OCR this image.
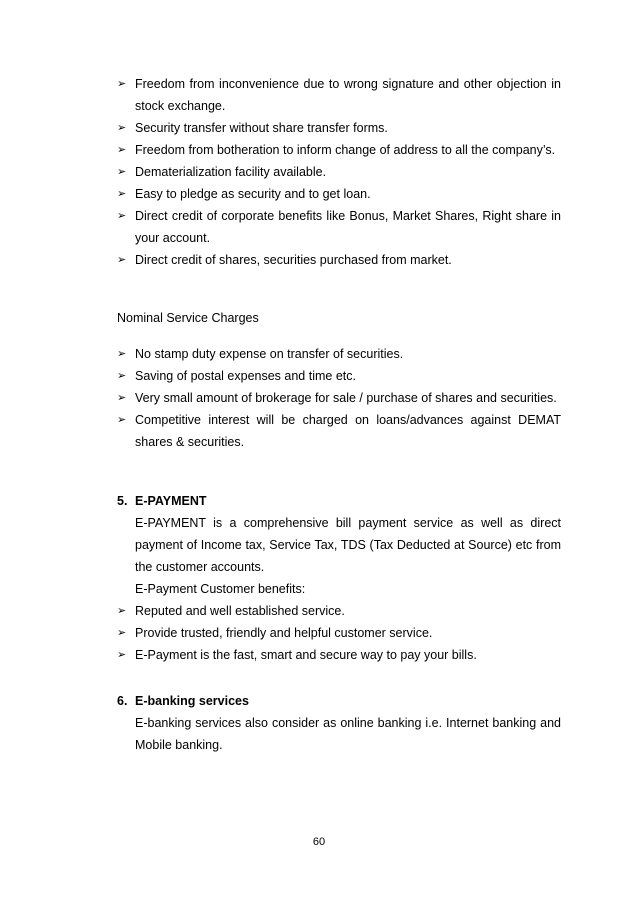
➢ Freedom from inconvenience due to wrong signature and other objection in stock exchange.
➢ Security transfer without share transfer forms.
➢ Freedom from botheration to inform change of address to all the company’s.
➢ Dematerialization facility available.
➢ Easy to pledge as security and to get loan.
➢ Direct credit of corporate benefits like Bonus, Market Shares, Right share in your account.
➢ Direct credit of shares, securities purchased from market.

Nominal Service Charges

➢ No stamp duty expense on transfer of securities.
➢ Saving of postal expenses and time etc.
➢ Very small amount of brokerage for sale / purchase of shares and securities.
➢ Competitive interest will be charged on loans/advances against DEMAT shares & securities.

5. E-PAYMENT

E-PAYMENT is a comprehensive bill payment service as well as direct payment of Income tax, Service Tax, TDS (Tax Deducted at Source) etc from the customer accounts.

E-Payment Customer benefits:

➢ Reputed and well established service.
➢ Provide trusted, friendly and helpful customer service.
➢ E-Payment is the fast, smart and secure way to pay your bills.

6. E-banking services

E-banking services also consider as online banking i.e. Internet banking and Mobile banking.

60
